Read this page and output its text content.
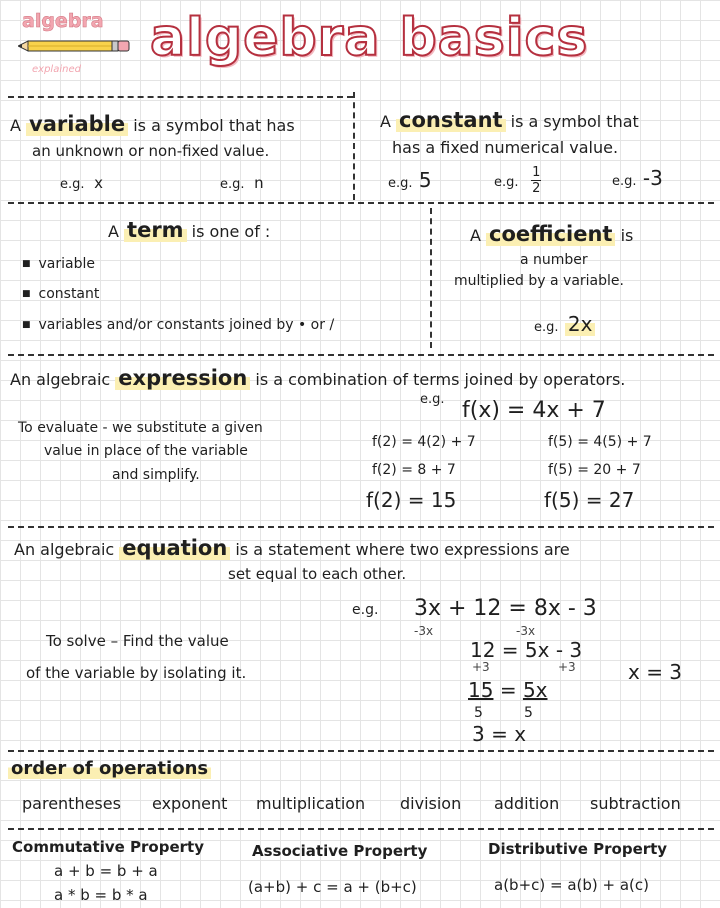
algebra
explained
algebra basics
A variable is a symbol that has
an unknown or non-fixed value.
e.g. x	e.g. n
A constant is a symbol that
has a fixed numerical value.
e.g. 5	e.g. $\frac{1}{2}$	e.g. -3
A term is one of :
■ variable
■ constant
■ variables and/or constants joined by • or /
A coefficient is
a number
multiplied by a variable.
e.g. 2x
An algebraic expression is a combination of terms joined by operators.
To evaluate - we substitute a given
value in place of the variable
and simplify.
e.g. f(x) = 4x + 7
f(2) = 4(2) + 7
f(2) = 8 + 7
f(2) = 15
f(5) = 4(5) + 7
f(5) = 20 + 7
f(5) = 27
An algebraic equation is a statement where two expressions are
set equal to each other.
To solve – Find the value
of the variable by isolating it.
e.g. 3x + 12 = 8x - 3
-3x	-3x
12 = 5x - 3
+3	+3
15 = 5x
5	5
3 = x
x = 3
order of operations
parentheses exponent multiplication division addition subtraction
Commutative Property
a + b = b + a
a * b = b * a
Associative Property
(a+b) + c = a + (b+c)
Distributive Property
a(b+c) = a(b) + a(c)
